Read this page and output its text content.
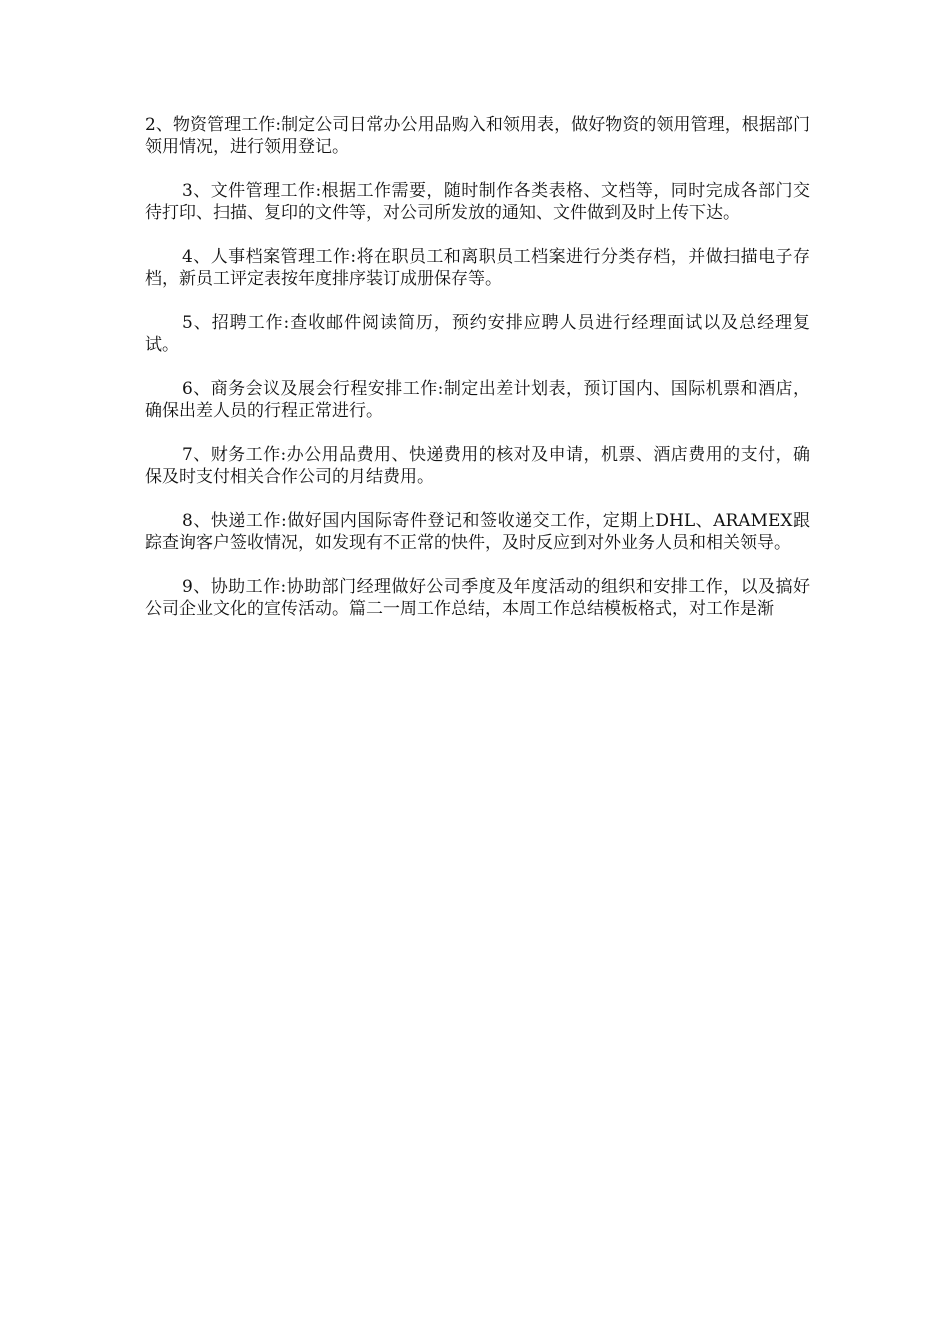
2、物资管理工作:制定公司日常办公用品购入和领用表，做好物资的领用管理，根据部门领用情况，进行领用登记。

3、文件管理工作:根据工作需要，随时制作各类表格、文档等，同时完成各部门交待打印、扫描、复印的文件等，对公司所发放的通知、文件做到及时上传下达。

4、人事档案管理工作:将在职员工和离职员工档案进行分类存档，并做扫描电子存档，新员工评定表按年度排序装订成册保存等。

5、招聘工作:查收邮件阅读简历，预约安排应聘人员进行经理面试以及总经理复试。

6、商务会议及展会行程安排工作:制定出差计划表，预订国内、国际机票和酒店，确保出差人员的行程正常进行。

7、财务工作:办公用品费用、快递费用的核对及申请，机票、酒店费用的支付，确保及时支付相关合作公司的月结费用。

8、快递工作:做好国内国际寄件登记和签收递交工作，定期上DHL、ARAMEX跟踪查询客户签收情况，如发现有不正常的快件，及时反应到对外业务人员和相关领导。

9、协助工作:协助部门经理做好公司季度及年度活动的组织和安排工作，以及搞好公司企业文化的宣传活动。篇二一周工作总结，本周工作总结模板格式，对工作是渐
